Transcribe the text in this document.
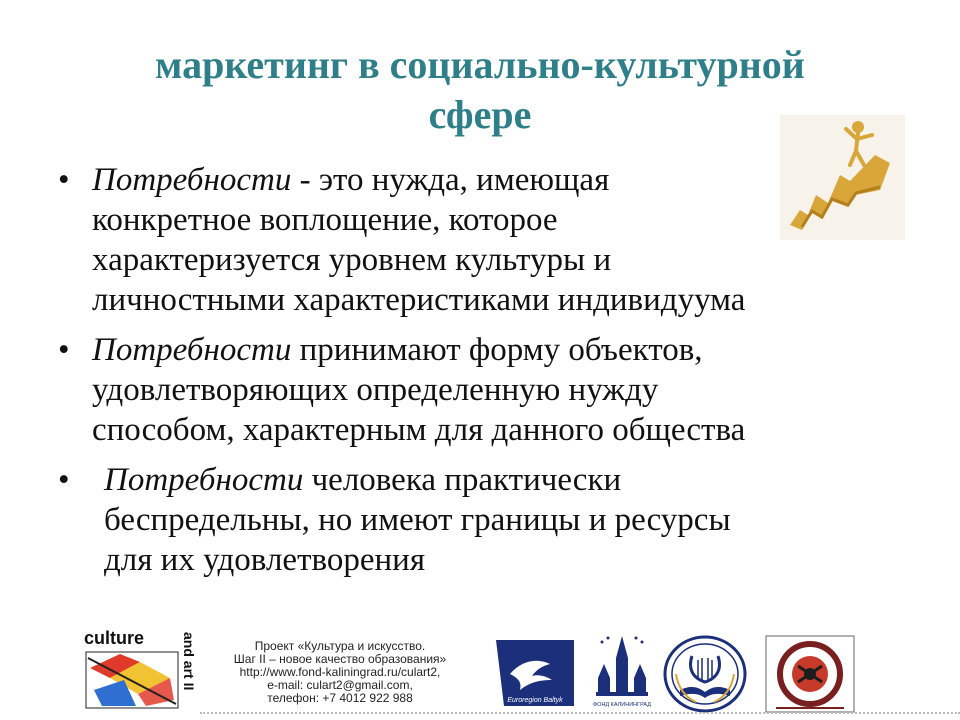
маркетинг в социально-культурной
сфере
• Потребности - это нужда, имеющая
конкретное воплощение, которое
характеризуется уровнем культуры и
личностными характеристиками индивидуума
• Потребности принимают форму объектов,
удовлетворяющих определенную нужду
способом, характерным для данного общества
• Потребности человека практически
беспредельны, но имеют границы и ресурсы
для их удовлетворения
culture	and art II	Проект «Культура и искусство.
Шаг II – новое качество образования»
http://www.fond-kaliningrad.ru/culart2,
e-mail: culart2@gmail.com,
телефон: +7 4012 922 988	Euroregion Baltyk
ФОНД КАЛИНИНГРАД
